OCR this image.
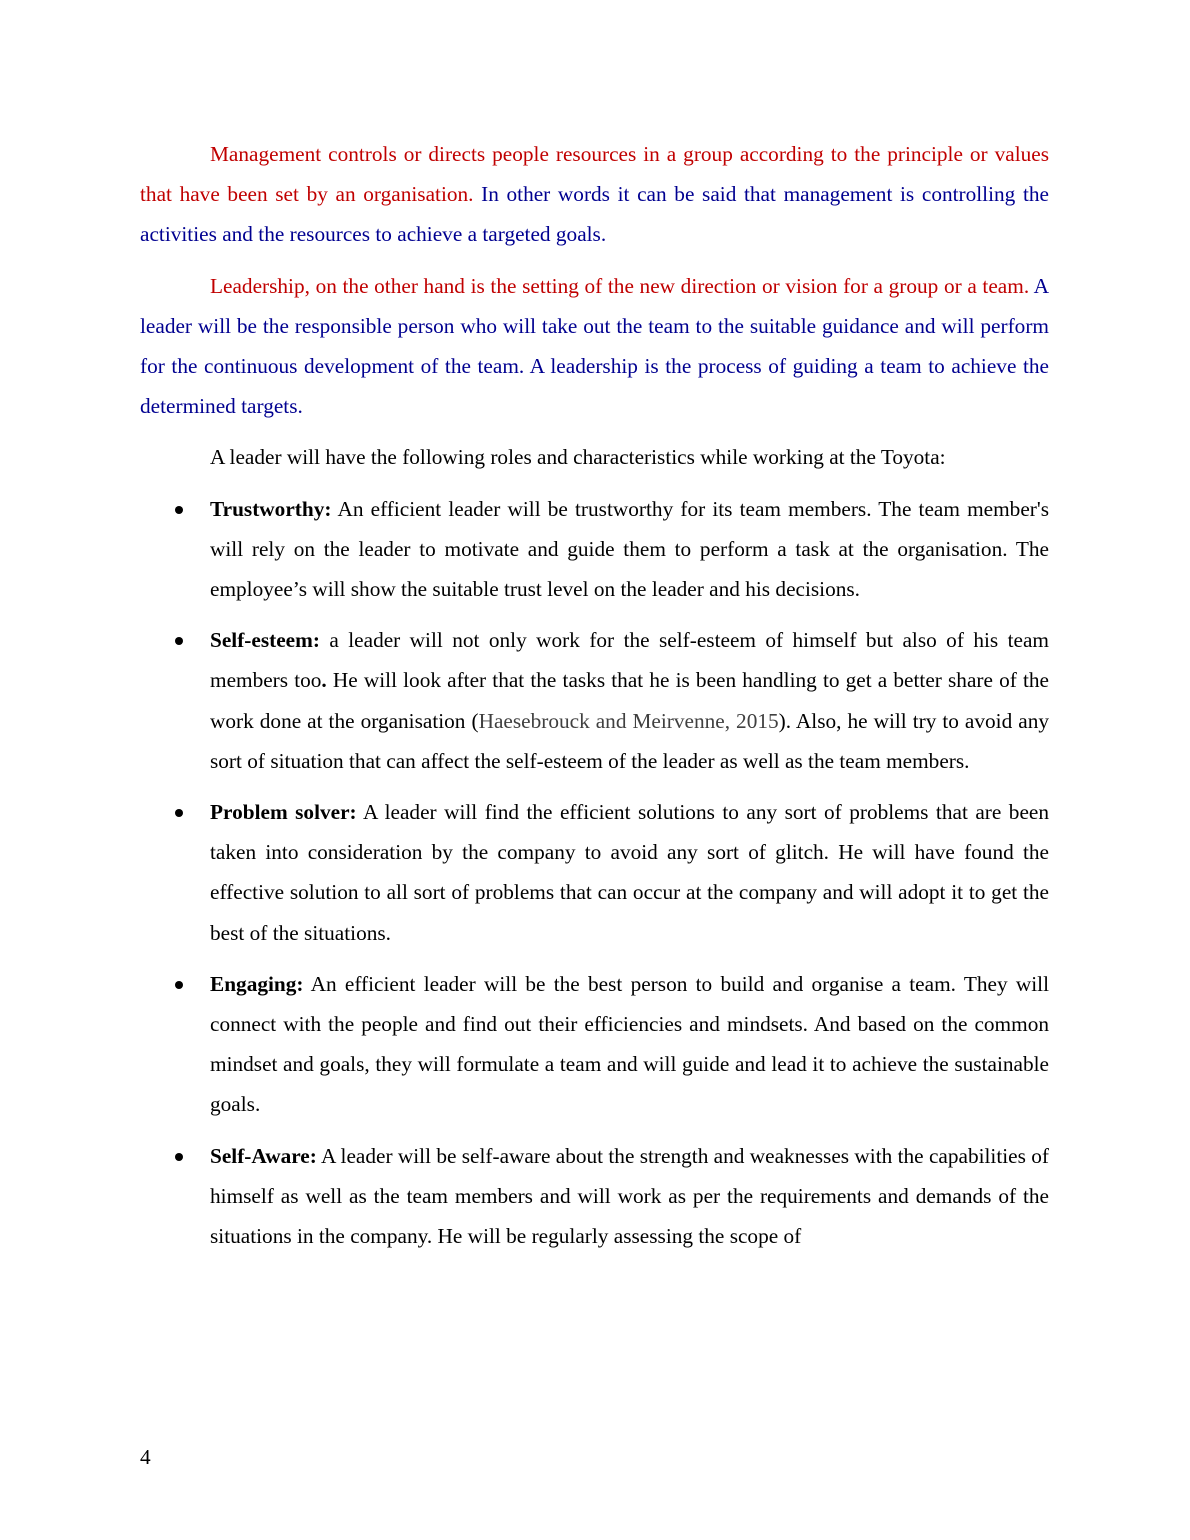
Management controls or directs people resources in a group according to the principle or values that have been set by an organisation. In other words it can be said that management is controlling the activities and the resources to achieve a targeted goals.

Leadership, on the other hand is the setting of the new direction or vision for a group or a team. A leader will be the responsible person who will take out the team to the suitable guidance and will perform for the continuous development of the team. A leadership is the process of guiding a team to achieve the determined targets.

A leader will have the following roles and characteristics while working at the Toyota:

Trustworthy: An efficient leader will be trustworthy for its team members. The team member's will rely on the leader to motivate and guide them to perform a task at the organisation. The employee’s will show the suitable trust level on the leader and his decisions.
Self-esteem: a leader will not only work for the self-esteem of himself but also of his team members too. He will look after that the tasks that he is been handling to get a better share of the work done at the organisation (Haesebrouck and Meirvenne, 2015). Also, he will try to avoid any sort of situation that can affect the self-esteem of the leader as well as the team members.
Problem solver: A leader will find the efficient solutions to any sort of problems that are been taken into consideration by the company to avoid any sort of glitch. He will have found the effective solution to all sort of problems that can occur at the company and will adopt it to get the best of the situations.
Engaging: An efficient leader will be the best person to build and organise a team. They will connect with the people and find out their efficiencies and mindsets. And based on the common mindset and goals, they will formulate a team and will guide and lead it to achieve the sustainable goals.
Self-Aware: A leader will be self-aware about the strength and weaknesses with the capabilities of himself as well as the team members and will work as per the requirements and demands of the situations in the company. He will be regularly assessing the scope of
4
